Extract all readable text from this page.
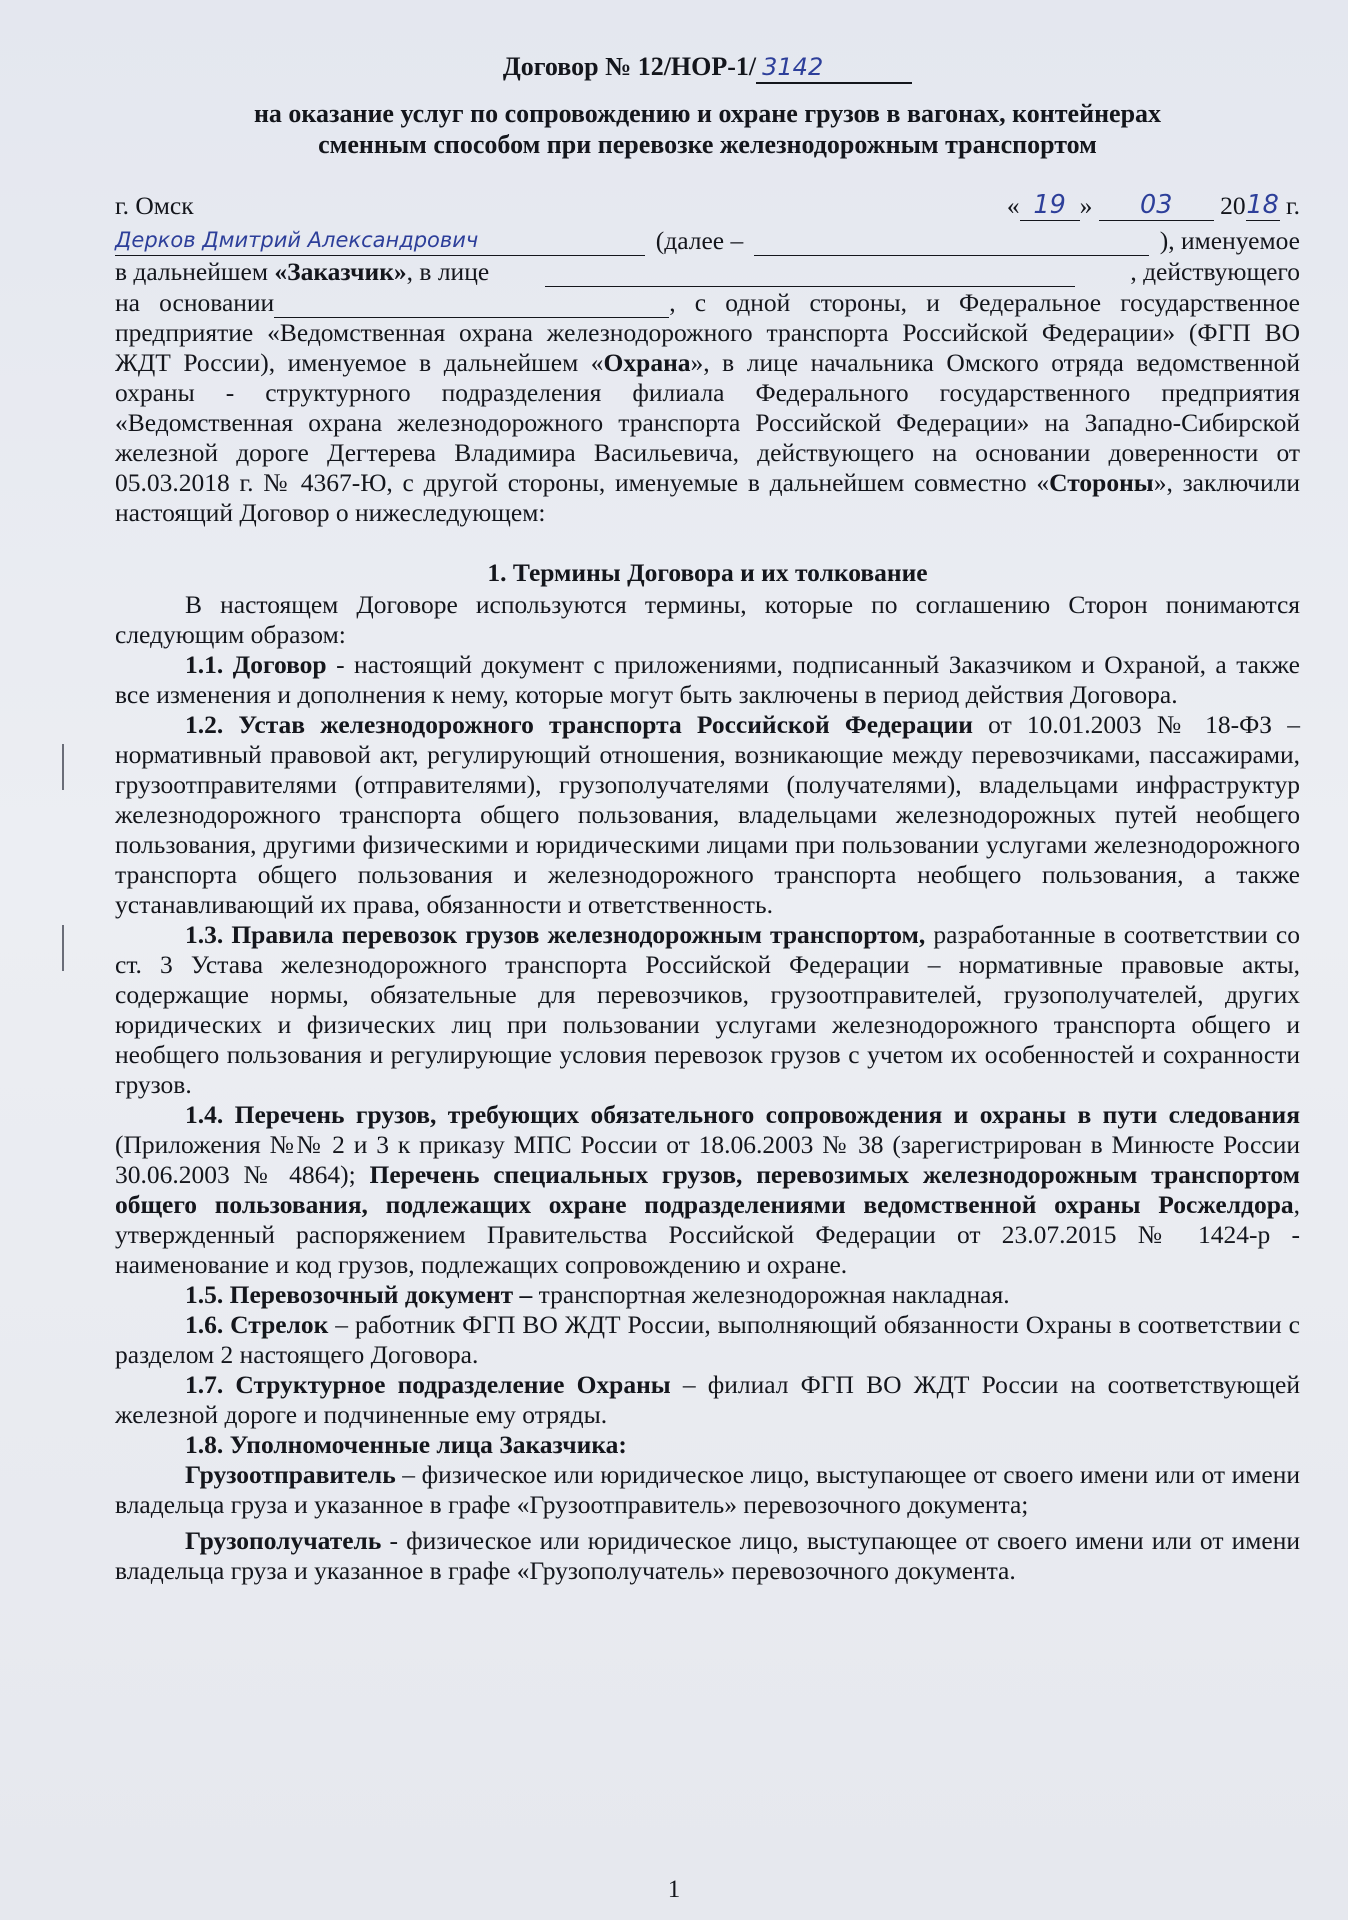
Договор № 12/НОР-1/ 3142
на оказание услуг по сопровождению и охране грузов в вагонах, контейнерах
сменным способом при перевозке железнодорожным транспортом
г. Омск	« 19 » 03 2018 г.
Дерков Дмитрий Александрович	(далее –
	), именуемое
в дальнейшем «Заказчик», в лице
	, действующего
на основании	, с одной стороны, и Федеральное государственное предприятие «Ведомственная охрана железнодорожного транспорта Российской Федерации» (ФГП ВО ЖДТ России), именуемое в дальнейшем «Охрана», в лице начальника Омского отряда ведомственной охраны - структурного подразделения филиала Федерального государственного предприятия «Ведомственная охрана железнодорожного транспорта Российской Федерации» на Западно-Сибирской железной дороге Дегтерева Владимира Васильевича, действующего на основании доверенности от 05.03.2018 г. № 4367-Ю, с другой стороны, именуемые в дальнейшем совместно «Стороны», заключили настоящий Договор о нижеследующем:
1. Термины Договора и их толкование

В настоящем Договоре используются термины, которые по соглашению Сторон понимаются следующим образом:

1.1. Договор - настоящий документ с приложениями, подписанный Заказчиком и Охраной, а также все изменения и дополнения к нему, которые могут быть заключены в период действия Договора.

1.2. Устав железнодорожного транспорта Российской Федерации от 10.01.2003 № 18-ФЗ – нормативный правовой акт, регулирующий отношения, возникающие между перевозчиками, пассажирами, грузоотправителями (отправителями), грузополучателями (получателями), владельцами инфраструктур железнодорожного транспорта общего пользования, владельцами железнодорожных путей необщего пользования, другими физическими и юридическими лицами при пользовании услугами железнодорожного транспорта общего пользования и железнодорожного транспорта необщего пользования, а также устанавливающий их права, обязанности и ответственность.

1.3. Правила перевозок грузов железнодорожным транспортом, разработанные в соответствии со ст. 3 Устава железнодорожного транспорта Российской Федерации – нормативные правовые акты, содержащие нормы, обязательные для перевозчиков, грузоотправителей, грузополучателей, других юридических и физических лиц при пользовании услугами железнодорожного транспорта общего и необщего пользования и регулирующие условия перевозок грузов с учетом их особенностей и сохранности грузов.

1.4. Перечень грузов, требующих обязательного сопровождения и охраны в пути следования (Приложения №№ 2 и 3 к приказу МПС России от 18.06.2003 № 38 (зарегистрирован в Минюсте России 30.06.2003 № 4864); Перечень специальных грузов, перевозимых железнодорожным транспортом общего пользования, подлежащих охране подразделениями ведомственной охраны Росжелдора, утвержденный распоряжением Правительства Российской Федерации от 23.07.2015 № 1424-р - наименование и код грузов, подлежащих сопровождению и охране.

1.5. Перевозочный документ – транспортная железнодорожная накладная.

1.6. Стрелок – работник ФГП ВО ЖДТ России, выполняющий обязанности Охраны в соответствии с разделом 2 настоящего Договора.

1.7. Структурное подразделение Охраны – филиал ФГП ВО ЖДТ России на соответствующей железной дороге и подчиненные ему отряды.

1.8. Уполномоченные лица Заказчика:

Грузоотправитель – физическое или юридическое лицо, выступающее от своего имени или от имени владельца груза и указанное в графе «Грузоотправитель» перевозочного документа;

Грузополучатель - физическое или юридическое лицо, выступающее от своего имени или от имени владельца груза и указанное в графе «Грузополучатель» перевозочного документа.

1
